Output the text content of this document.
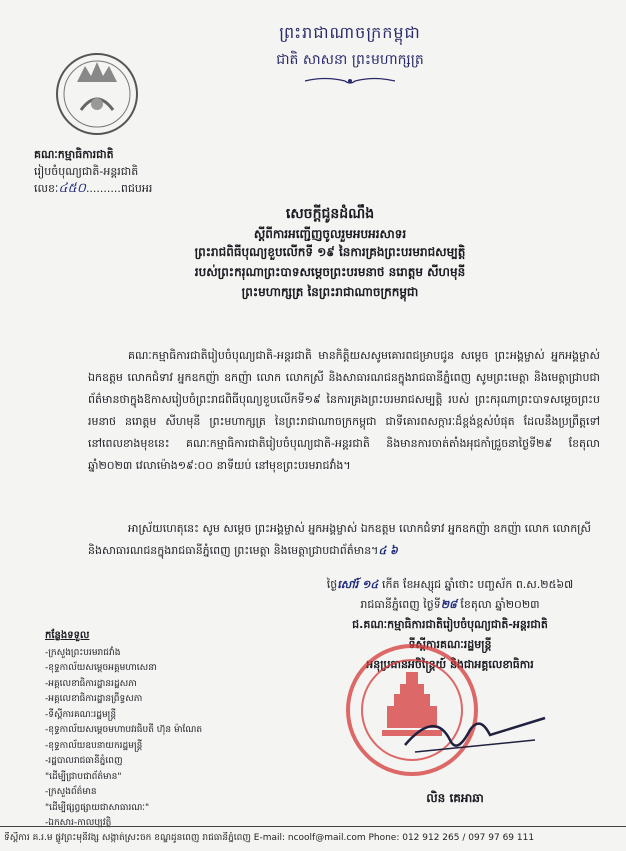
ព្រះរាជាណាចក្រកម្ពុជា
ជាតិ សាសនា ព្រះមហាក្សត្រ
គណៈកម្មាធិការជាតិ
រៀបចំបុណ្យជាតិ-អន្តរជាតិ
លេខៈ៤៥០..........ពជបអរ
សេចក្តីជូនដំណឹង
ស្តីពីការអញ្ជើញចូលរួមអបអរសាទរ
ព្រះរាជពិធីបុណ្យខួបលើកទី ១៩ នៃការគ្រងព្រះបរមរាជសម្បត្តិ
របស់ព្រះករុណាព្រះបាទសម្តេចព្រះបរមនាថ នរោត្តម សីហមុនី
ព្រះមហាក្សត្រ នៃព្រះរាជាណាចក្រកម្ពុជា
គណៈកម្មាធិការជាតិរៀបចំបុណ្យជាតិ-អន្តរជាតិ មានកិត្តិយសសូមគោរពជម្រាបជូន សម្តេច ព្រះអង្គម្ចាស់ អ្នកអង្គម្ចាស់ ឯកឧត្តម លោកជំទាវ អ្នកឧកញ៉ា ឧកញ៉ា លោក លោកស្រី និងសាធារណជនក្នុងរាជធានីភ្នំពេញ សូមព្រះមេត្តា និងមេត្តាជ្រាបជាព័ត៌មានថាក្នុងឱកាសរៀបចំព្រះរាជពិធីបុណ្យខួបលើកទី១៩ នៃការគ្រងព្រះបរមរាជសម្បត្តិ របស់ ព្រះករុណាព្រះបាទសម្តេចព្រះបរមនាថ នរោត្តម សីហមុនី ព្រះមហាក្សត្រ នៃព្រះរាជាណាចក្រកម្ពុជា ជាទីគោរពសក្ការៈដ៏ខ្ពង់ខ្ពស់បំផុត ដែលនឹងប្រព្រឹត្តទៅនៅពេលខាងមុខនេះ គណៈកម្មាធិការជាតិរៀបចំបុណ្យជាតិ-អន្តរជាតិ និងមានការចាត់តាំងអុជកាំជ្រួចនាថ្ងៃទី២៩ ខែតុលា ឆ្នាំ២០២៣ វេលាម៉ោង១៩:០០ នាទីយប់ នៅមុខព្រះបរមរាជវាំង។
អាស្រ័យហេតុនេះ សូម សម្តេច ព្រះអង្គម្ចាស់ អ្នកអង្គម្ចាស់ ឯកឧត្តម លោកជំទាវ អ្នកឧកញ៉ា ឧកញ៉ា លោក លោកស្រី និងសាធារណជនក្នុងរាជធានីភ្នំពេញ ព្រះមេត្តា និងមេត្តាជ្រាបជាព័ត៌មាន។៤ ៦
ថ្ងៃសៅរ៍ ១៤ កើត ខែអស្សុជ ឆ្នាំថោះ បញ្ចស័ក ព.ស.២៥៦៧
រាជធានីភ្នំពេញ ថ្ងៃទី២៨ ខែតុលា ឆ្នាំ២០២៣
ជ.គណៈកម្មាធិការជាតិរៀបចំបុណ្យជាតិ-អន្តរជាតិ
ទីស្តីការគណៈរដ្ឋមន្ត្រី
អនុប្រធានអចិន្ត្រៃយ៍ និងជាអគ្គលេខាធិការ
កន្លែងទទួល
-ក្រសួងព្រះបរមរាជវាំង
-ខុទ្ទកាល័យសម្តេចអគ្គមហាសេនា
-អគ្គលេខាធិការដ្ឋានរដ្ឋសភា
-អគ្គលេខាធិការដ្ឋានព្រឹទ្ធសភា
-ទីស្តីការគណៈរដ្ឋមន្ត្រី
-ខុទ្ទកាល័យសម្តេចមហាបវរធិបតី ហ៊ុន ម៉ាណែត
-ខុទ្ទកាល័យឧបនាយករដ្ឋមន្ត្រី
-រដ្ឋបាលរាជធានីភ្នំពេញ
"ដើម្បីជ្រាបជាព័ត៌មាន"
-ក្រសួងព័ត៌មាន
"ដើម្បីផ្សព្វផ្សាយជាសាធារណៈ"
-ឯកសារ-កាលប្បវត្តិ
លិន គេអាឆា
ទីស្តីការ គ.រ.ម ផ្លូវព្រះមុនីវង្ស សង្កាត់ស្រះចក ខណ្ឌដូនពេញ រាជធានីភ្នំពេញ E-mail: ncoolf@mail.com Phone: 012 912 265 / 097 97 69 111
